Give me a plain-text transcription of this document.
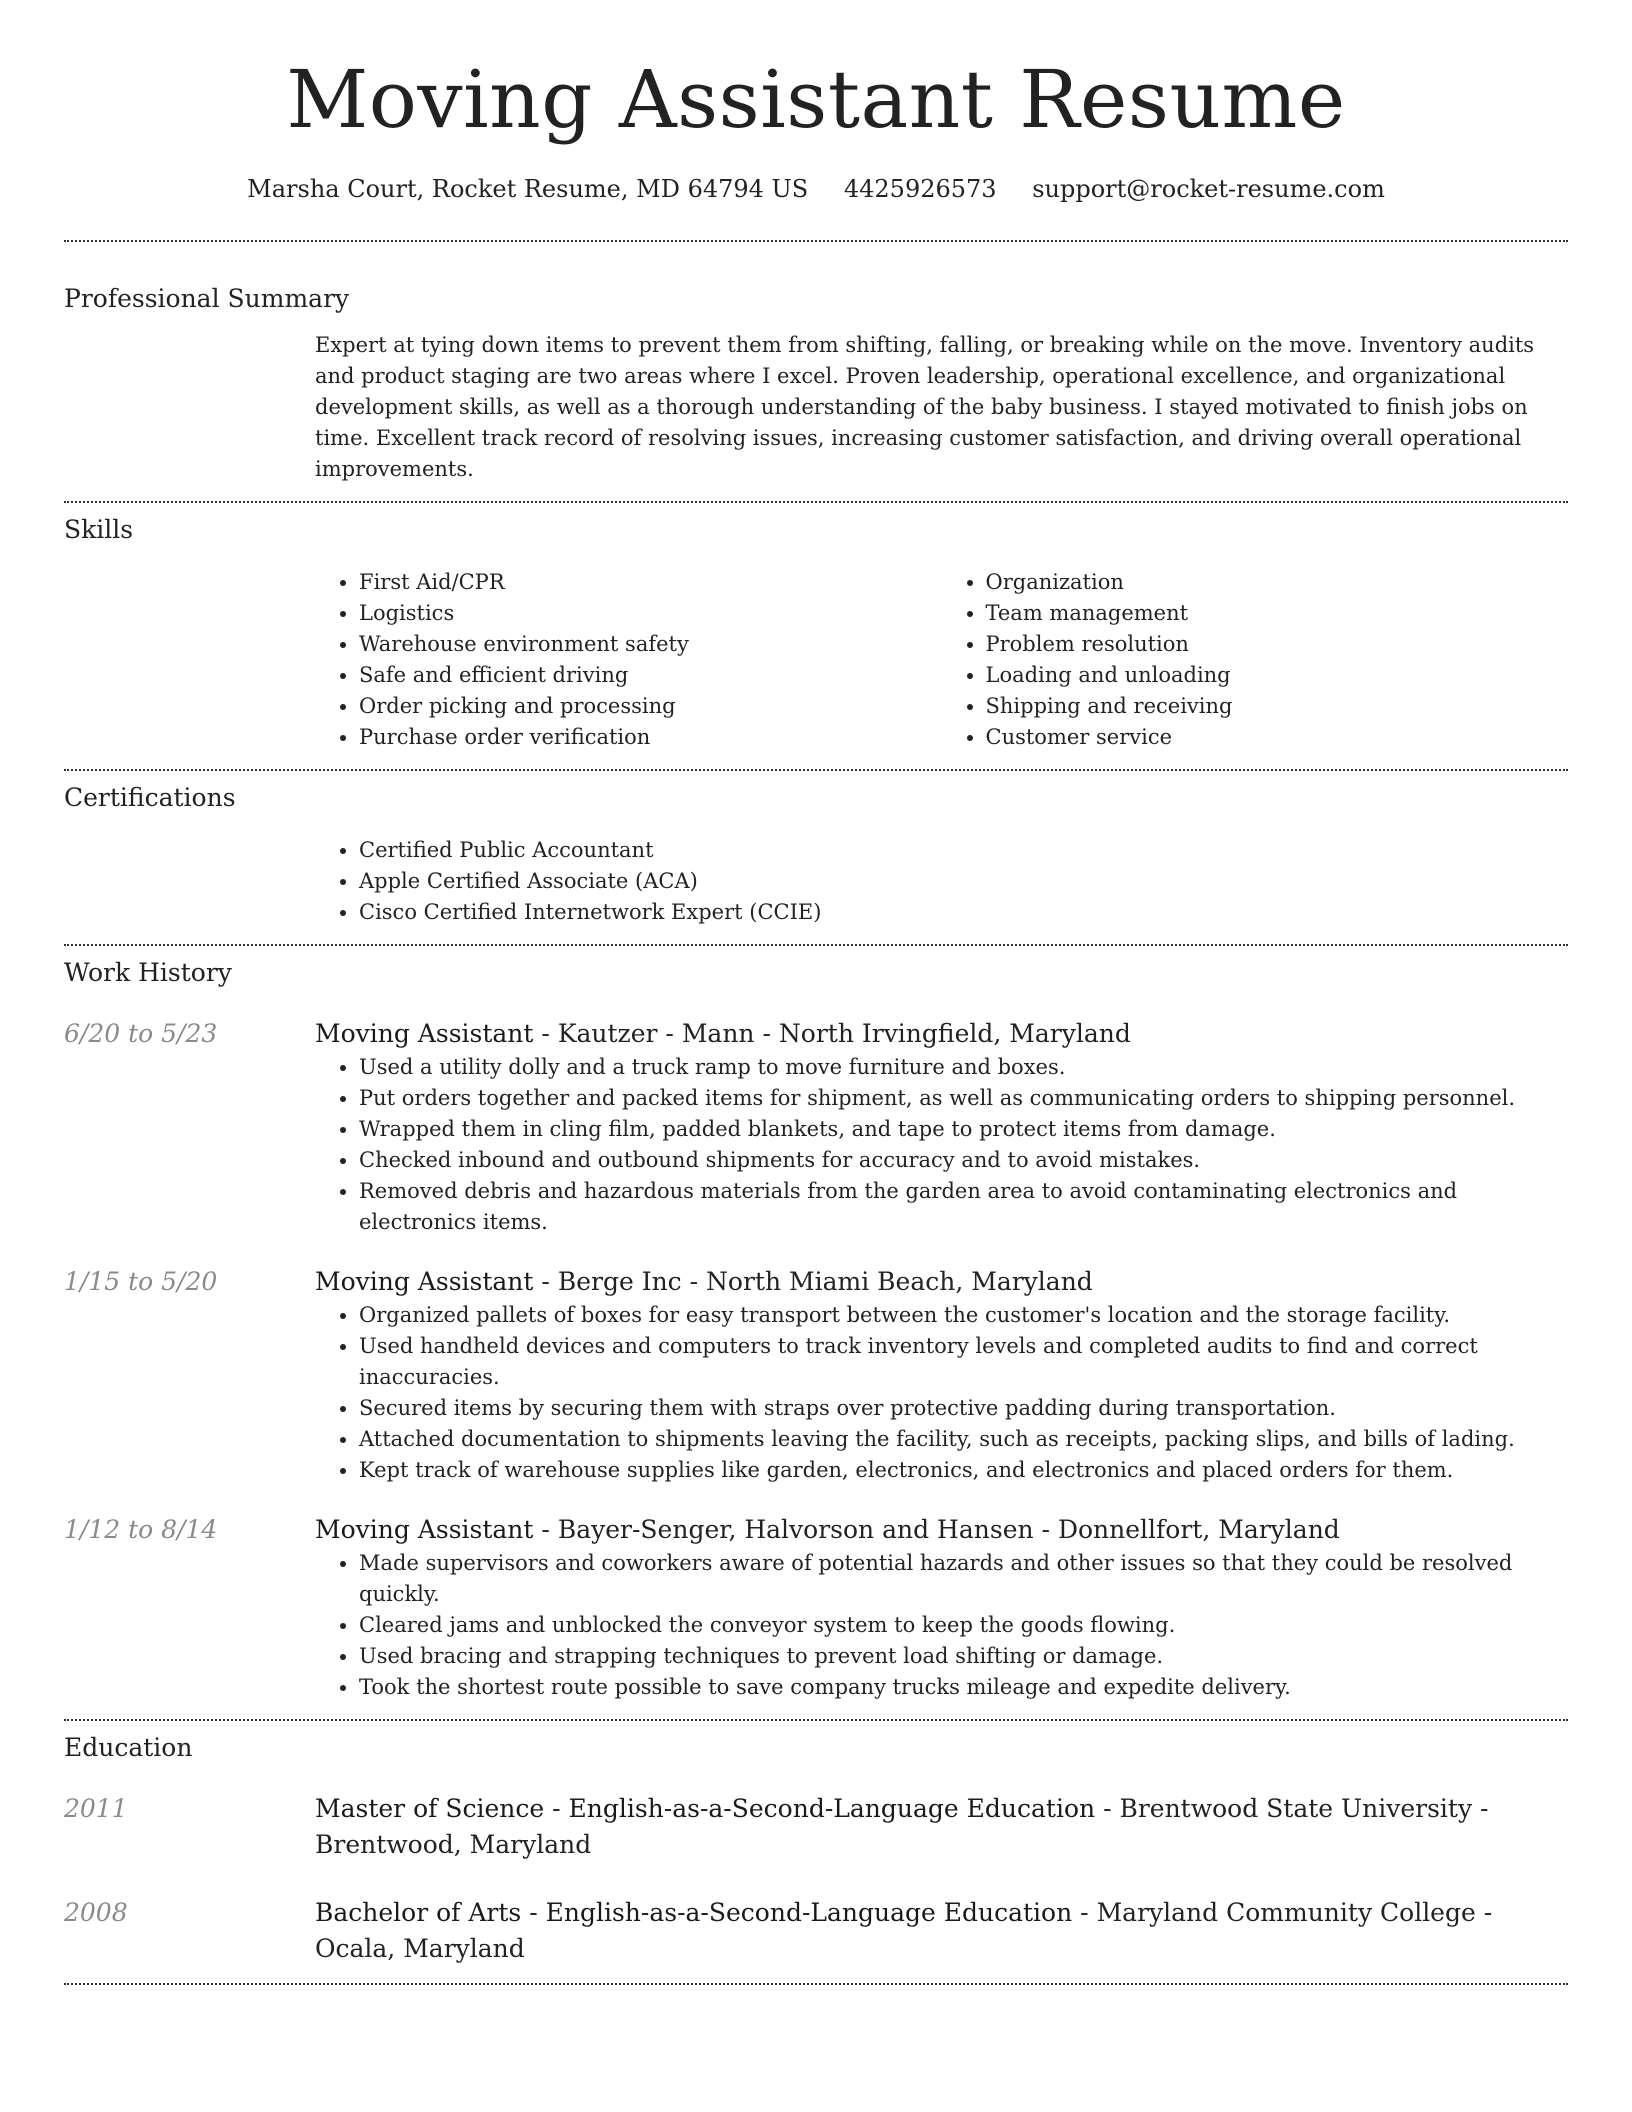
Moving Assistant Resume
Marsha Court, Rocket Resume, MD 64794 US 4425926573 support@rocket-resume.com
Professional Summary
Expert at tying down items to prevent them from shifting, falling, or breaking while on the move. Inventory audits and product staging are two areas where I excel. Proven leadership, operational excellence, and organizational development skills, as well as a thorough understanding of the baby business. I stayed motivated to finish jobs on time. Excellent track record of resolving issues, increasing customer satisfaction, and driving overall operational improvements.
Skills
• First Aid/CPR
• Logistics
• Warehouse environment safety
• Safe and efficient driving
• Order picking and processing
• Purchase order verification
• Organization
• Team management
• Problem resolution
• Loading and unloading
• Shipping and receiving
• Customer service
Certifications
• Certified Public Accountant
• Apple Certified Associate (ACA)
• Cisco Certified Internetwork Expert (CCIE)
Work History
6/20 to 5/23	Moving Assistant - Kautzer - Mann - North Irvingfield, Maryland
• Used a utility dolly and a truck ramp to move furniture and boxes.
• Put orders together and packed items for shipment, as well as communicating orders to shipping personnel.
• Wrapped them in cling film, padded blankets, and tape to protect items from damage.
• Checked inbound and outbound shipments for accuracy and to avoid mistakes.
• Removed debris and hazardous materials from the garden area to avoid contaminating electronics and electronics items.
1/15 to 5/20	Moving Assistant - Berge Inc - North Miami Beach, Maryland
• Organized pallets of boxes for easy transport between the customer's location and the storage facility.
• Used handheld devices and computers to track inventory levels and completed audits to find and correct inaccuracies.
• Secured items by securing them with straps over protective padding during transportation.
• Attached documentation to shipments leaving the facility, such as receipts, packing slips, and bills of lading.
• Kept track of warehouse supplies like garden, electronics, and electronics and placed orders for them.
1/12 to 8/14	Moving Assistant - Bayer-Senger, Halvorson and Hansen - Donnellfort, Maryland
• Made supervisors and coworkers aware of potential hazards and other issues so that they could be resolved quickly.
• Cleared jams and unblocked the conveyor system to keep the goods flowing.
• Used bracing and strapping techniques to prevent load shifting or damage.
• Took the shortest route possible to save company trucks mileage and expedite delivery.
Education
2011	Master of Science - English-as-a-Second-Language Education - Brentwood State University - Brentwood, Maryland
2008	Bachelor of Arts - English-as-a-Second-Language Education - Maryland Community College - Ocala, Maryland
